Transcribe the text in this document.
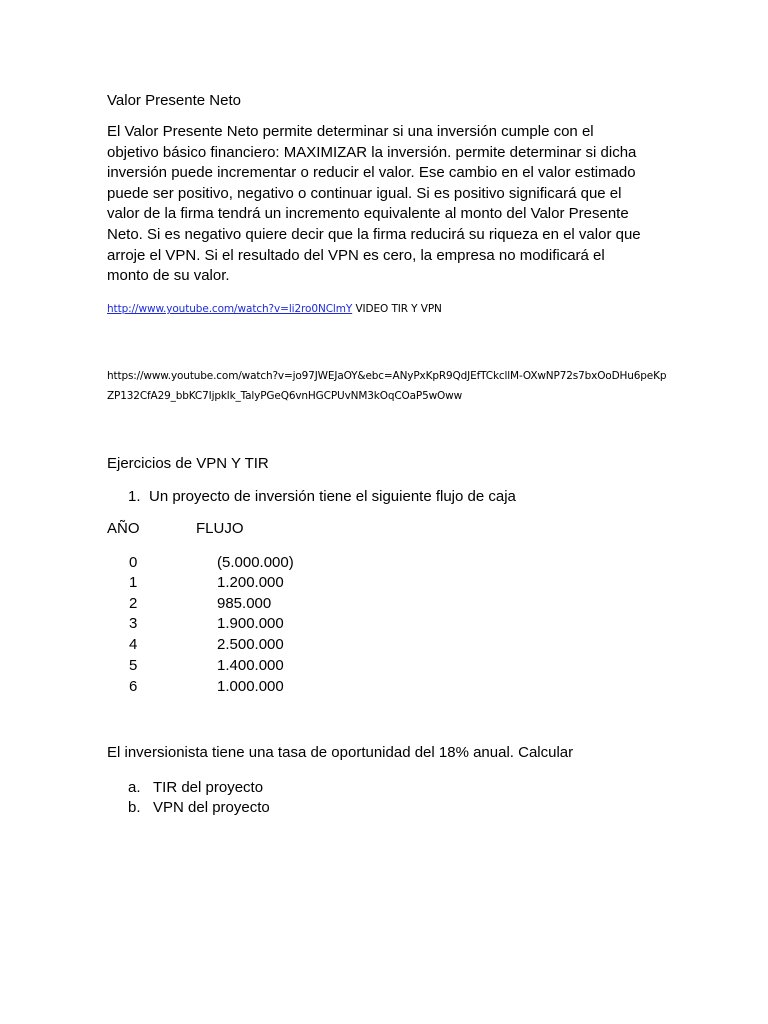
Valor Presente Neto
El Valor Presente Neto permite determinar si una inversión cumple con el objetivo básico financiero: MAXIMIZAR la inversión. permite determinar si dicha inversión puede incrementar o reducir el valor. Ese cambio en el valor estimado puede ser positivo, negativo o continuar igual. Si es positivo significará que el valor de la firma tendrá un incremento equivalente al monto del Valor Presente Neto. Si es negativo quiere decir que la firma reducirá su riqueza en el valor que arroje el VPN. Si el resultado del VPN es cero, la empresa no modificará el monto de su valor.
http://www.youtube.com/watch?v=li2ro0NClmY VIDEO TIR Y VPN
https://www.youtube.com/watch?v=jo97JWEJaOY&ebc=ANyPxKpR9QdJEfTCkcllM-OXwNP72s7bxOoDHu6peKpZP132CfA29_bbKC7Ijpklk_TalyPGeQ6vnHGCPUvNM3kOqCOaP5wOww
Ejercicios de VPN Y TIR
1. Un proyecto de inversión tiene el siguiente flujo de caja
AÑO	FLUJO
0	(5.000.000)
1	1.200.000
2	985.000
3	1.900.000
4	2.500.000
5	1.400.000
6	1.000.000
El inversionista tiene una tasa de oportunidad del 18% anual. Calcular
a. TIR del proyecto
b. VPN del proyecto
